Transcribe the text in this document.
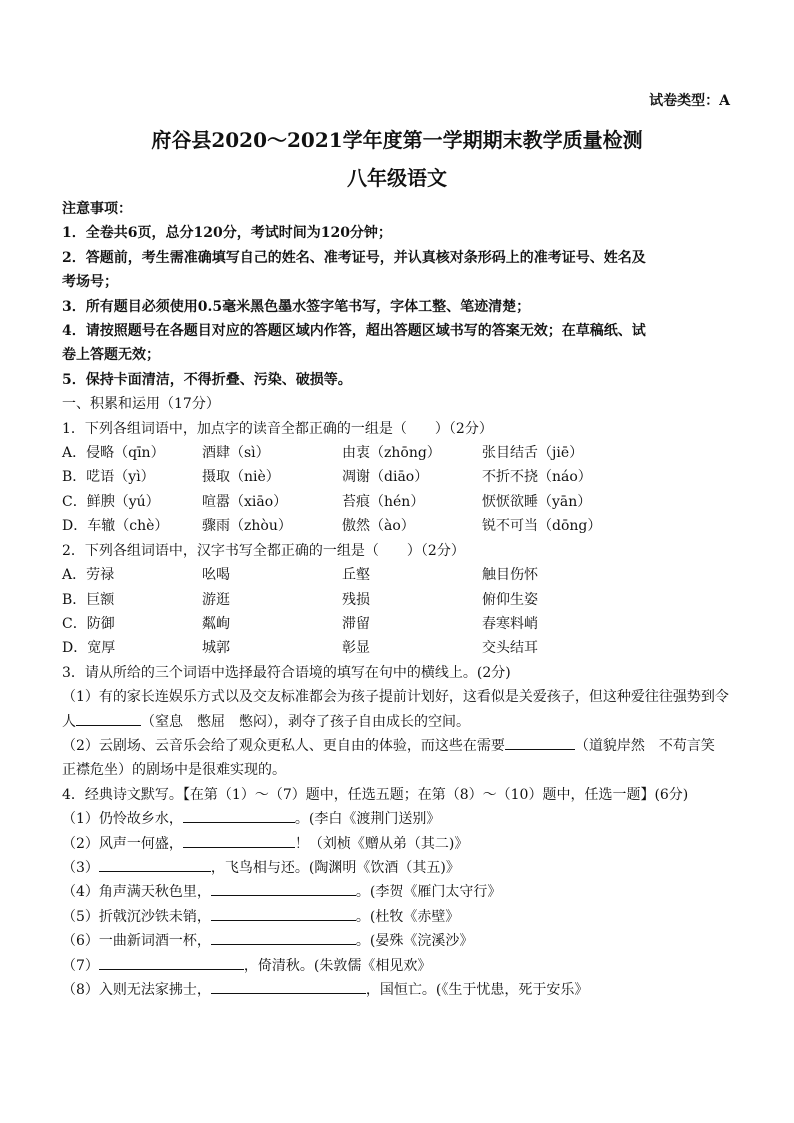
试卷类型：A
府谷县2020～2021学年度第一学期期末教学质量检测
八年级语文
注意事项：
1．全卷共6页，总分120分，考试时间为120分钟；
2．答题前，考生需准确填写自己的姓名、准考证号，并认真核对条形码上的准考证号、姓名及
考场号；
3．所有题目必须使用0.5毫米黑色墨水签字笔书写，字体工整、笔迹清楚；
4．请按照题号在各题目对应的答题区域内作答，超出答题区域书写的答案无效；在草稿纸、试
卷上答题无效；
5．保持卡面清洁，不得折叠、污染、破损等。
一、积累和运用（17分）
1．下列各组词语中，加点字的读音全都正确的一组是（　　）（2分）
A．侵略（qīn）	酒肆（sì）	由衷（zhōng）	张目结舌（jiē）
B．呓语（yì）	摄取（niè）	凋谢（diāo）	不折不挠（náo）
C．鲜腴（yú）	喧嚣（xiāo）	苔痕（hén）	恹恹欲睡（yān）
D．车辙（chè）	骤雨（zhòu）	傲然（ào）	锐不可当（dōng）
2．下列各组词语中，汉字书写全都正确的一组是（　　）（2分）
A．劳禄	吆喝	丘壑	触目伤怀
B．巨额	游逛	残损	俯仰生姿
C．防御	粼峋	滞留	春寒料峭
D．宽厚	城郭	彰显	交头结耳
3．请从所给的三个词语中选择最符合语境的填写在句中的横线上。(2分)
（1）有的家长连娱乐方式以及交友标准都会为孩子提前计划好，这看似是关爱孩子，但这种爱往往强势到令
人	（窒息　憋屈　憋闷），剥夺了孩子自由成长的空间。
（2）云剧场、云音乐会给了观众更私人、更自由的体验，而这些在需要	（道貌岸然　不苟言笑
正襟危坐）的剧场中是很难实现的。
4．经典诗文默写。【在第（1）～（7）题中，任选五题；在第（8）～（10）题中，任选一题】(6分)
（1）仍怜故乡水，	。(李白《渡荆门送别》
（2）风声一何盛，	！（刘桢《赠从弟（其二)》
（3）	，飞鸟相与还。(陶渊明《饮酒（其五)》
（4）角声满天秋色里，	。(李贺《雁门太守行》
（5）折戟沉沙铁未销，	。(杜牧《赤壁》
（6）一曲新词酒一杯，	。(晏殊《浣溪沙》
（7）	，倚清秋。(朱敦儒《相见欢》
（8）入则无法家拂士，	，国恒亡。(《生于忧患，死于安乐》
